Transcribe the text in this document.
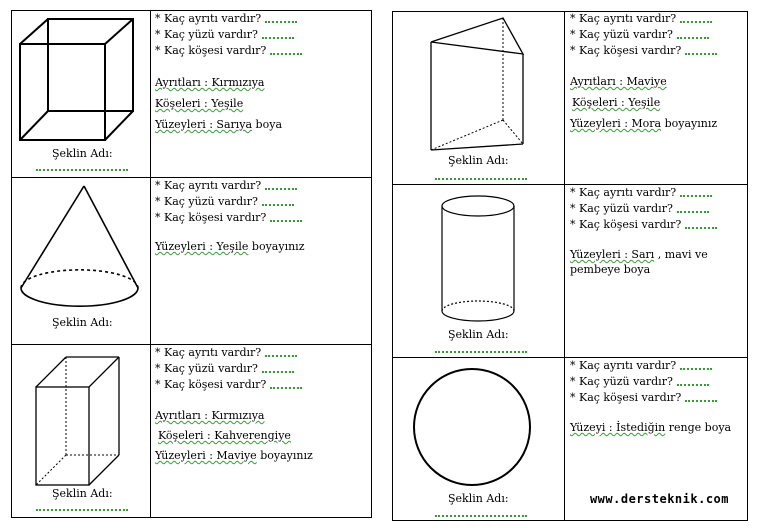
Şeklin Adı:
* Kaç ayrıtı vardır?
* Kaç yüzü vardır?
* Kaç köşesi vardır?
Ayrıtları : Kırmızıya
Köşeleri : Yeşile
Yüzeyleri : Sarıya boya
Şeklin Adı:
* Kaç ayrıtı vardır?
* Kaç yüzü vardır?
* Kaç köşesi vardır?
Yüzeyleri : Yeşile boyayınız
Şeklin Adı:
* Kaç ayrıtı vardır?
* Kaç yüzü vardır?
* Kaç köşesi vardır?
Ayrıtları : Kırmızıya
Köşeleri : Kahverengiye
Yüzeyleri : Maviye boyayınız
Şeklin Adı:
* Kaç ayrıtı vardır?
* Kaç yüzü vardır?
* Kaç köşesi vardır?
Ayrıtları : Maviye
Köşeleri : Yeşile
Yüzeyleri : Mora boyayınız
Şeklin Adı:
* Kaç ayrıtı vardır?
* Kaç yüzü vardır?
* Kaç köşesi vardır?
Yüzeyleri : Sarı , mavi ve pembeye boya
Şeklin Adı:
* Kaç ayrıtı vardır?
* Kaç yüzü vardır?
* Kaç köşesi vardır?
Yüzeyi : İstediğin renge boya
www.dersteknik.com
